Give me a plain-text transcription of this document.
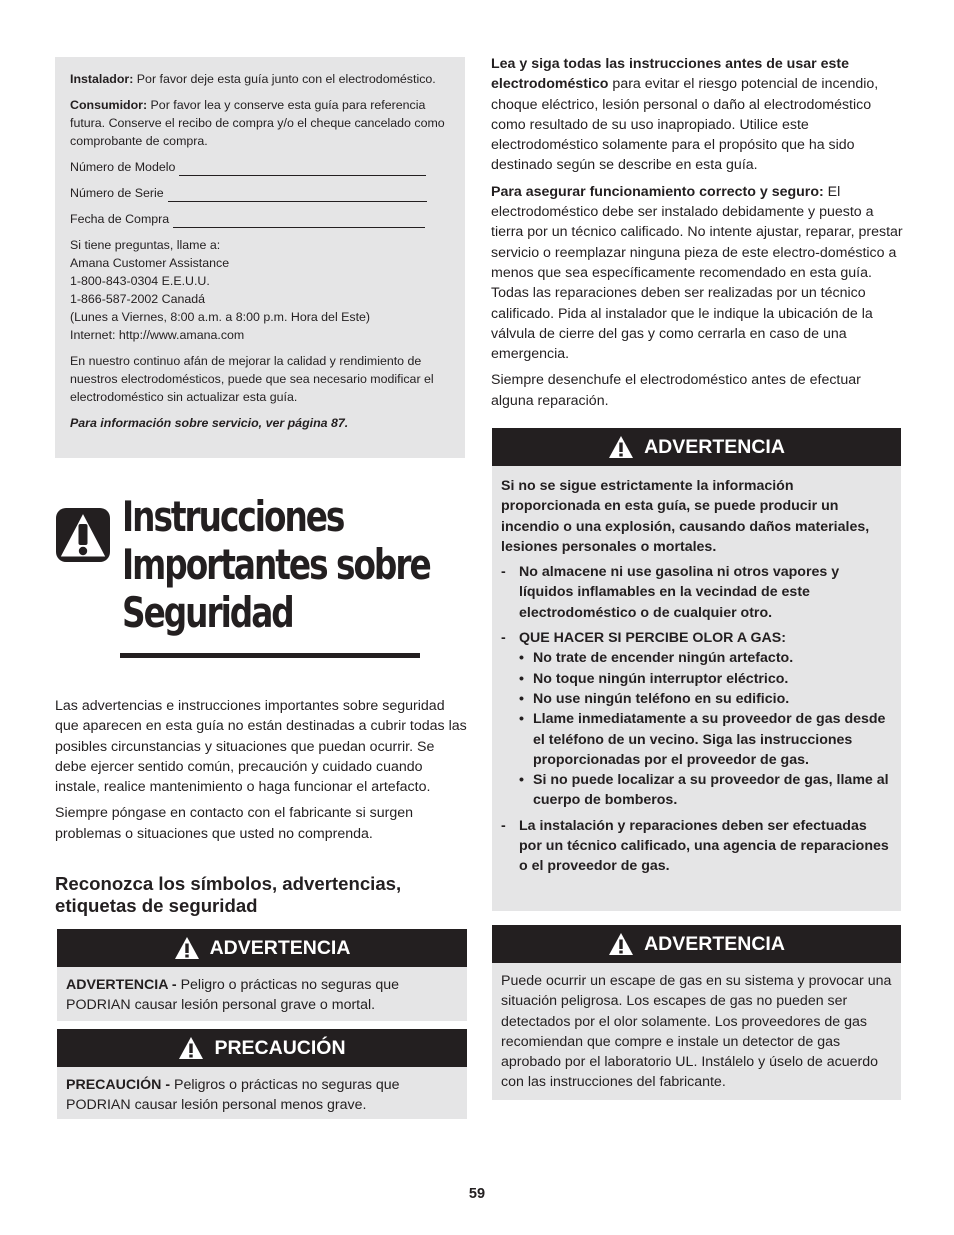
Instalador: Por favor deje esta guía junto con el electrodoméstico.

Consumidor: Por favor lea y conserve esta guía para referencia futura. Conserve el recibo de compra y/o el cheque cancelado como comprobante de compra.

Número de Modelo
Número de Serie
Fecha de Compra
Si tiene preguntas, llame a:
Amana Customer Assistance
1-800-843-0304 E.E.U.U.
1-866-587-2002 Canadá
(Lunes a Viernes, 8:00 a.m. a 8:00 p.m. Hora del Este)
Internet: http://www.amana.com

En nuestro continuo afán de mejorar la calidad y rendimiento de nuestros electrodomésticos, puede que sea necesario modificar el electrodoméstico sin actualizar esta guía.

Para información sobre servicio, ver página 87.

Instrucciones
Importantes sobre
Seguridad

Las advertencias e instrucciones importantes sobre seguridad que aparecen en esta guía no están destinadas a cubrir todas las posibles circunstancias y situaciones que puedan ocurrir. Se debe ejercer sentido común, precaución y cuidado cuando instale, realice mantenimiento o haga funcionar el artefacto.

Siempre póngase en contacto con el fabricante si surgen problemas o situaciones que usted no comprenda.

Reconozca los símbolos, advertencias, etiquetas de seguridad
ADVERTENCIA
ADVERTENCIA - Peligro o prácticas no seguras que PODRIAN causar lesión personal grave o mortal.
PRECAUCIÓN
PRECAUCIÓN - Peligros o prácticas no seguras que PODRIAN causar lesión personal menos grave.

Lea y siga todas las instrucciones antes de usar este electrodoméstico para evitar el riesgo potencial de incendio, choque eléctrico, lesión personal o daño al electrodoméstico como resultado de su uso inapropiado. Utilice este electrodoméstico solamente para el propósito que ha sido destinado según se describe en esta guía.

Para asegurar funcionamiento correcto y seguro: El electrodoméstico debe ser instalado debidamente y puesto a tierra por un técnico calificado. No intente ajustar, reparar, prestar servicio o reemplazar ninguna pieza de este electro-doméstico a menos que sea específicamente recomendado en esta guía. Todas las reparaciones deben ser realizadas por un técnico calificado. Pida al instalador que le indique la ubicación de la válvula de cierre del gas y como cerrarla en caso de una emergencia.

Siempre desenchufe el electrodoméstico antes de efectuar alguna reparación.

ADVERTENCIA

Si no se sigue estrictamente la información proporcionada en esta guía, se puede producir un incendio o una explosión, causando daños materiales, lesiones personales o mortales.

- No almacene ni use gasolina ni otros vapores y líquidos inflamables en la vecindad de este electrodoméstico o de cualquier otro.
- QUE HACER SI PERCIBE OLOR A GAS:
• No trate de encender ningún artefacto.
• No toque ningún interruptor eléctrico.
• No use ningún teléfono en su edificio.
• Llame inmediatamente a su proveedor de gas desde el teléfono de un vecino. Siga las instrucciones proporcionadas por el proveedor de gas.
• Si no puede localizar a su proveedor de gas, llame al cuerpo de bomberos.
- La instalación y reparaciones deben ser efectuadas por un técnico calificado, una agencia de reparaciones o el proveedor de gas.
ADVERTENCIA
Puede ocurrir un escape de gas en su sistema y provocar una situación peligrosa. Los escapes de gas no pueden ser detectados por el olor solamente. Los proveedores de gas recomiendan que compre e instale un detector de gas aprobado por el laboratorio UL. Instálelo y úselo de acuerdo con las instrucciones del fabricante.
59
